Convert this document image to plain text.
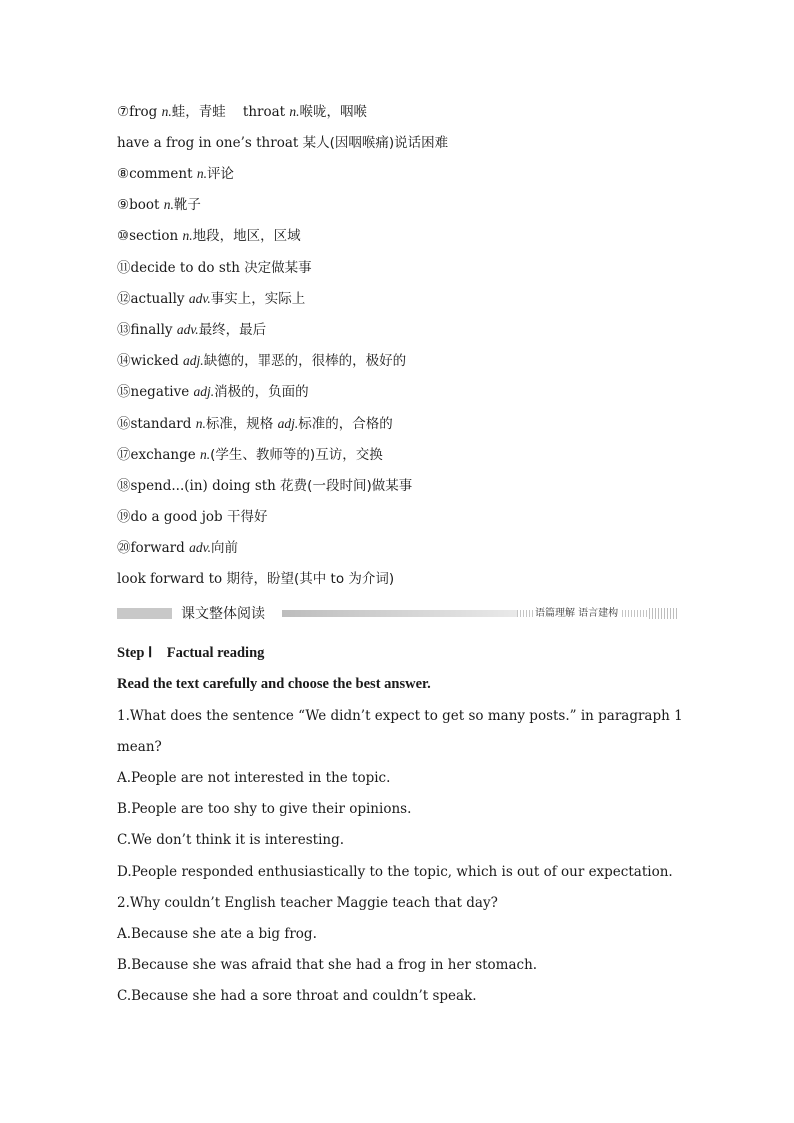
⑦frog n.蛙，青蛙 throat n.喉咙，咽喉
have a frog in one’s throat 某人(因咽喉痛)说话困难
⑧comment n.评论
⑨boot n.靴子
⑩section n.地段，地区，区域
⑪decide to do sth 决定做某事
⑫actually adv.事实上，实际上
⑬finally adv.最终，最后
⑭wicked adj.缺德的，罪恶的，很棒的，极好的
⑮negative adj.消极的，负面的
⑯standard n.标准，规格 adj.标准的，合格的
⑰exchange n.(学生、教师等的)互访，交换
⑱spend...(in) doing sth 花费(一段时间)做某事
⑲do a good job 干得好
⑳forward adv.向前
look forward to 期待，盼望(其中 to 为介词)
课文整体阅读	语篇理解 语言建构
Step Ⅰ　Factual reading
Read the text carefully and choose the best answer.
1.What does the sentence “We didn’t expect to get so many posts.” in paragraph 1
mean?
A.People are not interested in the topic.
B.People are too shy to give their opinions.
C.We don’t think it is interesting.
D.People responded enthusiastically to the topic, which is out of our expectation.
2.Why couldn’t English teacher Maggie teach that day?
A.Because she ate a big frog.
B.Because she was afraid that she had a frog in her stomach.
C.Because she had a sore throat and couldn’t speak.
